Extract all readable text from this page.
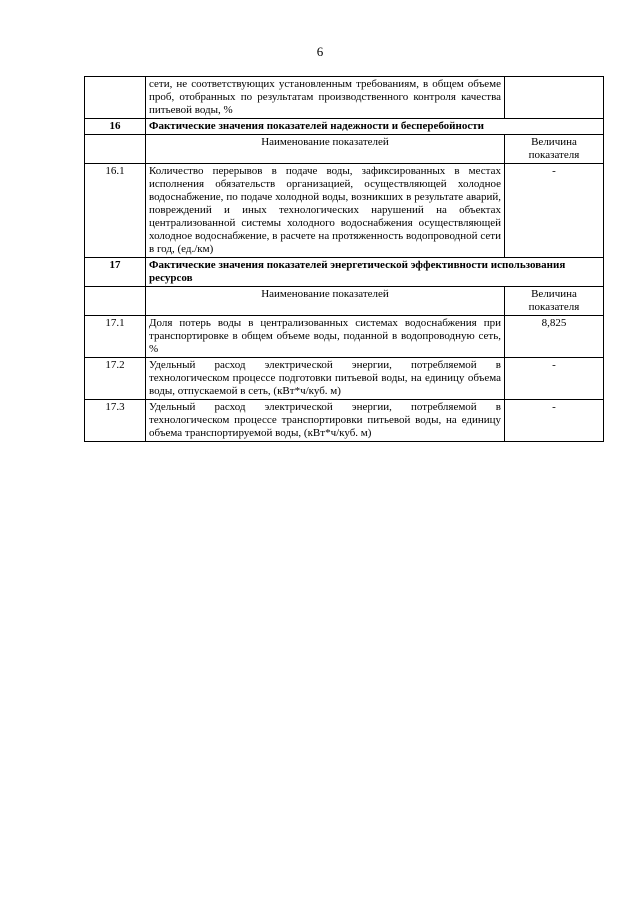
6
	сети, не соответствующих установленным требованиям, в общем объеме проб, отобранных по результатам производственного контроля качества питьевой воды, %	
16	Фактические значения показателей надежности и бесперебойности	
	Наименование показателей	Величина показателя
16.1	Количество перерывов в подаче воды, зафиксированных в местах исполнения обязательств организацией, осуществляющей холодное водоснабжение, по подаче холодной воды, возникших в результате аварий, повреждений и иных технологических нарушений на объектах централизованной системы холодного водоснабжения осуществляющей холодное водоснабжение, в расчете на протяженность водопроводной сети в год, (ед./км)	-
17	Фактические значения показателей энергетической эффективности использования ресурсов	
	Наименование показателей	Величина показателя
17.1	Доля потерь воды в централизованных системах водоснабжения при транспортировке в общем объеме воды, поданной в водопроводную сеть, %	8,825
17.2	Удельный расход электрической энергии, потребляемой в технологическом процессе подготовки питьевой воды, на единицу объема воды, отпускаемой в сеть, (кВт*ч/куб. м)	-
17.3	Удельный расход электрической энергии, потребляемой в технологическом процессе транспортировки питьевой воды, на единицу объема транспортируемой воды, (кВт*ч/куб. м)	-
